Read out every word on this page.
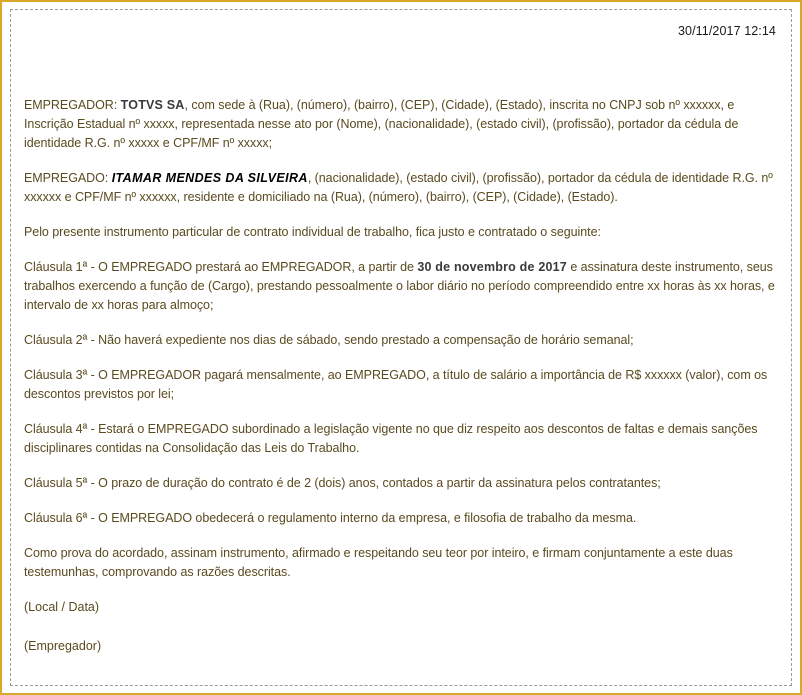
30/11/2017 12:14

EMPREGADOR: TOTVS SA, com sede à (Rua), (número), (bairro), (CEP), (Cidade), (Estado), inscrita no CNPJ sob nº xxxxxx, e Inscrição Estadual nº xxxxx, representada nesse ato por (Nome), (nacionalidade), (estado civil), (profissão), portador da cédula de identidade R.G. nº xxxxx e CPF/MF nº xxxxx;

EMPREGADO: ITAMAR MENDES DA SILVEIRA, (nacionalidade), (estado civil), (profissão), portador da cédula de identidade R.G. nº xxxxxx e CPF/MF nº xxxxxx, residente e domiciliado na (Rua), (número), (bairro), (CEP), (Cidade), (Estado).

Pelo presente instrumento particular de contrato individual de trabalho, fica justo e contratado o seguinte:

Cláusula 1ª - O EMPREGADO prestará ao EMPREGADOR, a partir de 30 de novembro de 2017 e assinatura deste instrumento, seus trabalhos exercendo a função de (Cargo), prestando pessoalmente o labor diário no período compreendido entre xx horas às xx horas, e intervalo de xx horas para almoço;

Cláusula 2ª - Não haverá expediente nos dias de sábado, sendo prestado a compensação de horário semanal;

Cláusula 3ª - O EMPREGADOR pagará mensalmente, ao EMPREGADO, a título de salário a importância de R$ xxxxxx (valor), com os descontos previstos por lei;

Cláusula 4ª - Estará o EMPREGADO subordinado a legislação vigente no que diz respeito aos descontos de faltas e demais sanções disciplinares contidas na Consolidação das Leis do Trabalho.

Cláusula 5ª - O prazo de duração do contrato é de 2 (dois) anos, contados a partir da assinatura pelos contratantes;

Cláusula 6ª - O EMPREGADO obedecerá o regulamento interno da empresa, e filosofia de trabalho da mesma.

Como prova do acordado, assinam instrumento, afirmado e respeitando seu teor por inteiro, e firmam conjuntamente a este duas testemunhas, comprovando as razões descritas.

(Local / Data)

(Empregador)
